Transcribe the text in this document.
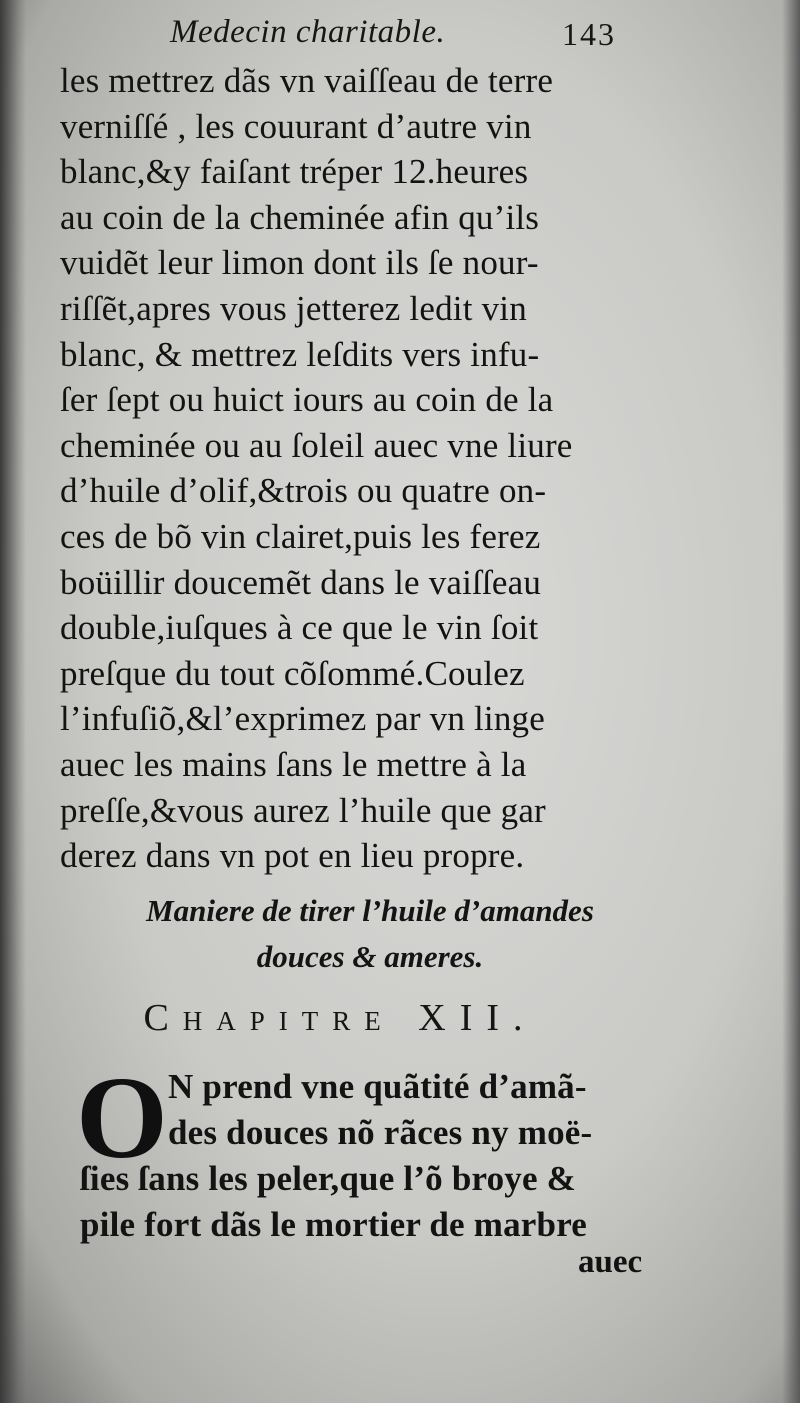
Medecin charitable.	143
les mettrez dãs vn vaiſſeau de terre
verniſſé , les couurant d’autre vin
blanc,&y faiſant tréper 12.heures
au coin de la cheminée afin qu’ils
vuidẽt leur limon dont ils ſe nour-
riſſẽt,apres vous jetterez ledit vin
blanc, & mettrez leſdits vers infu-
ſer ſept ou huict iours au coin de la
cheminée ou au ſoleil auec vne liure
d’huile d’olif,&trois ou quatre on-
ces de bõ vin clairet,puis les ferez
boüillir doucemẽt dans le vaiſſeau
double,iuſques à ce que le vin ſoit
preſque du tout cõſommé.Coulez
l’infuſiõ,&l’exprimez par vn linge
auec les mains ſans le mettre à la
preſſe,&vous aurez l’huile que gar
derez dans vn pot en lieu propre.
Maniere de tirer l’huile d’amandes
douces & ameres.
Chapitre XII.
O N prend vne quãtité d’amã-
des douces nõ rãces ny moë-
ſies ſans les peler,que l’õ broye &
pile fort dãs le mortier de marbre
auec
